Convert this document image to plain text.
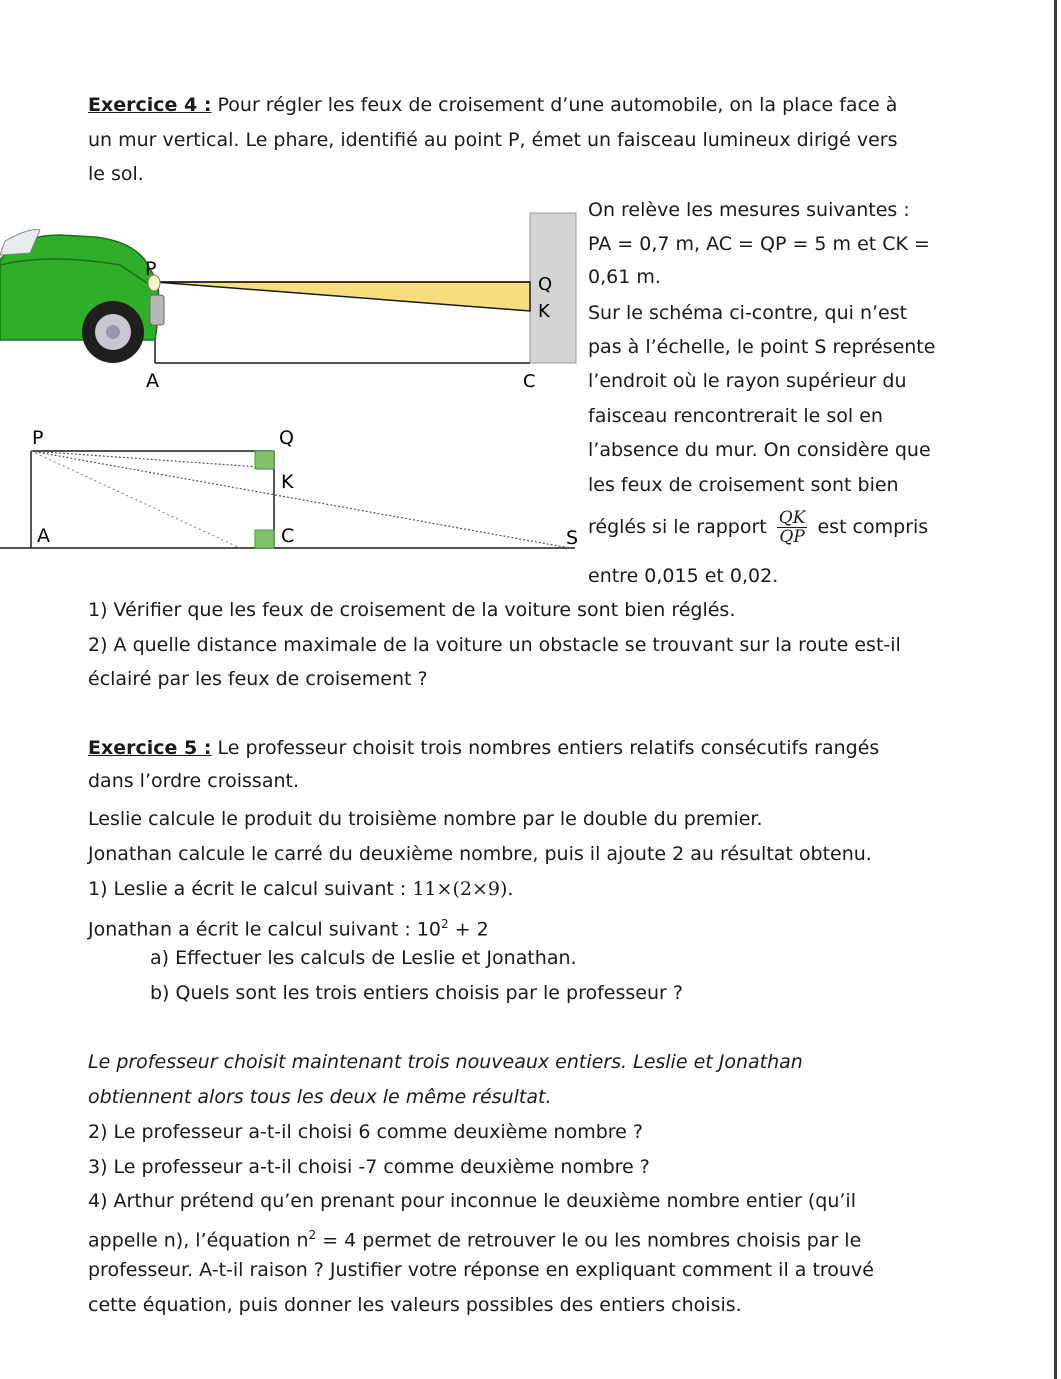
Exercice 4 : Pour régler les feux de croisement d’une automobile, on la place face à
un mur vertical. Le phare, identifié au point P, émet un faisceau lumineux dirigé vers
le sol.
On relève les mesures suivantes :
PA = 0,7 m, AC = QP = 5 m et CK =
0,61 m.
Sur le schéma ci-contre, qui n’est
pas à l’échelle, le point S représente
l’endroit où le rayon supérieur du
faisceau rencontrerait le sol en
l’absence du mur. On considère que
les feux de croisement sont bien
réglés si le rapport $\frac{QK}{QP}$ est compris
entre 0,015 et 0,02.
P
Q
K
A	C
P	Q
K
A	C	S
1) Vérifier que les feux de croisement de la voiture sont bien réglés.
2) A quelle distance maximale de la voiture un obstacle se trouvant sur la route est-il
éclairé par les feux de croisement ?
Exercice 5 : Le professeur choisit trois nombres entiers relatifs consécutifs rangés
dans l’ordre croissant.
Leslie calcule le produit du troisième nombre par le double du premier.
Jonathan calcule le carré du deuxième nombre, puis il ajoute 2 au résultat obtenu.
1) Leslie a écrit le calcul suivant : 11×(2×9).
Jonathan a écrit le calcul suivant : $10^2 + 2$
a) Effectuer les calculs de Leslie et Jonathan.
b) Quels sont les trois entiers choisis par le professeur ?
Le professeur choisit maintenant trois nouveaux entiers. Leslie et Jonathan
obtiennent alors tous les deux le même résultat.
2) Le professeur a-t-il choisi 6 comme deuxième nombre ?
3) Le professeur a-t-il choisi -7 comme deuxième nombre ?
4) Arthur prétend qu’en prenant pour inconnue le deuxième nombre entier (qu’il
appelle n), l’équation $n^2 = 4$ permet de retrouver le ou les nombres choisis par le
professeur. A-t-il raison ? Justifier votre réponse en expliquant comment il a trouvé
cette équation, puis donner les valeurs possibles des entiers choisis.
